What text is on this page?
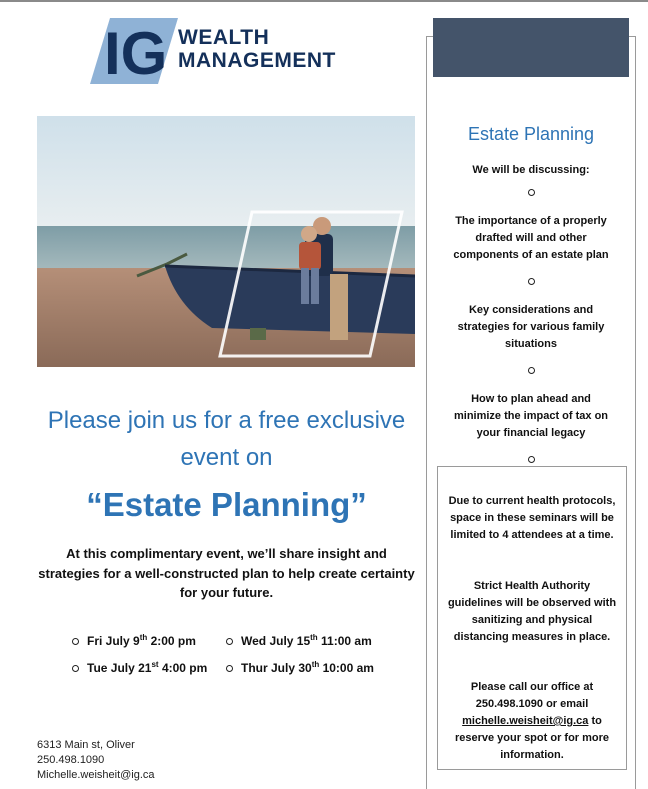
IG WEALTH
MANAGEMENT
Please join us for a free exclusive
event on
“Estate Planning”
At this complimentary event, we’ll share insight and
strategies for a well-constructed plan to help create certainty
for your future.
Fri July 9th 2:00 pm	Wed July 15th 11:00 am
Tue July 21st 4:00 pm	Thur July 30th 10:00 am
6313 Main st, Oliver
250.498.1090
Michelle.weisheit@ig.ca
Estate Planning
We will be discussing:
The importance of a properly
drafted will and other
components of an estate plan
Key considerations and
strategies for various family
situations
How to plan ahead and
minimize the impact of tax on
your financial legacy
Due to current health protocols,
space in these seminars will be
limited to 4 attendees at a time.
Strict Health Authority
guidelines will be observed with
sanitizing and physical
distancing measures in place.
Please call our office at
250.498.1090 or email
michelle.weisheit@ig.ca to
reserve your spot or for more
information.
